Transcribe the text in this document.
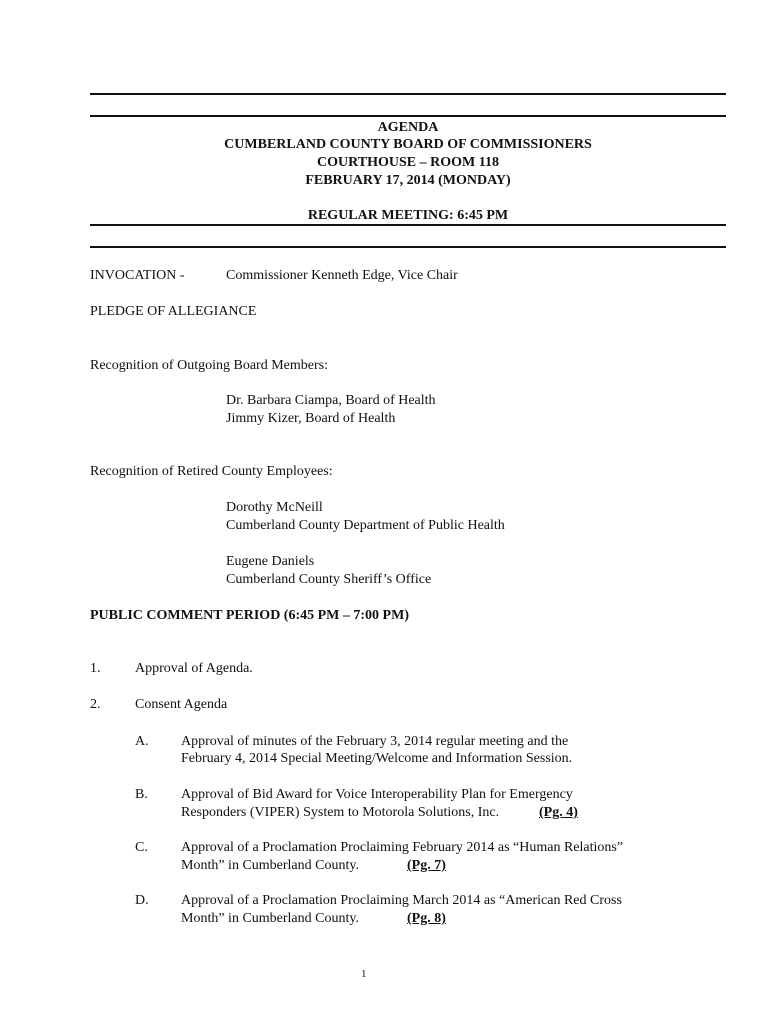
AGENDA
CUMBERLAND COUNTY BOARD OF COMMISSIONERS
COURTHOUSE – ROOM 118
FEBRUARY 17, 2014 (MONDAY)
REGULAR MEETING: 6:45 PM
INVOCATION -	Commissioner Kenneth Edge, Vice Chair
PLEDGE OF ALLEGIANCE
Recognition of Outgoing Board Members:
Dr. Barbara Ciampa, Board of Health
Jimmy Kizer, Board of Health
Recognition of Retired County Employees:
Dorothy McNeill
Cumberland County Department of Public Health
Eugene Daniels
Cumberland County Sheriff’s Office
PUBLIC COMMENT PERIOD (6:45 PM – 7:00 PM)
1. Approval of Agenda.
2. Consent Agenda
A. Approval of minutes of the February 3, 2014 regular meeting and the
February 4, 2014 Special Meeting/Welcome and Information Session.
B. Approval of Bid Award for Voice Interoperability Plan for Emergency
Responders (VIPER) System to Motorola Solutions, Inc.	(Pg. 4)
C. Approval of a Proclamation Proclaiming February 2014 as “Human Relations”
Month” in Cumberland County.	(Pg. 7)
D. Approval of a Proclamation Proclaiming March 2014 as “American Red Cross
Month” in Cumberland County.	(Pg. 8)
1
